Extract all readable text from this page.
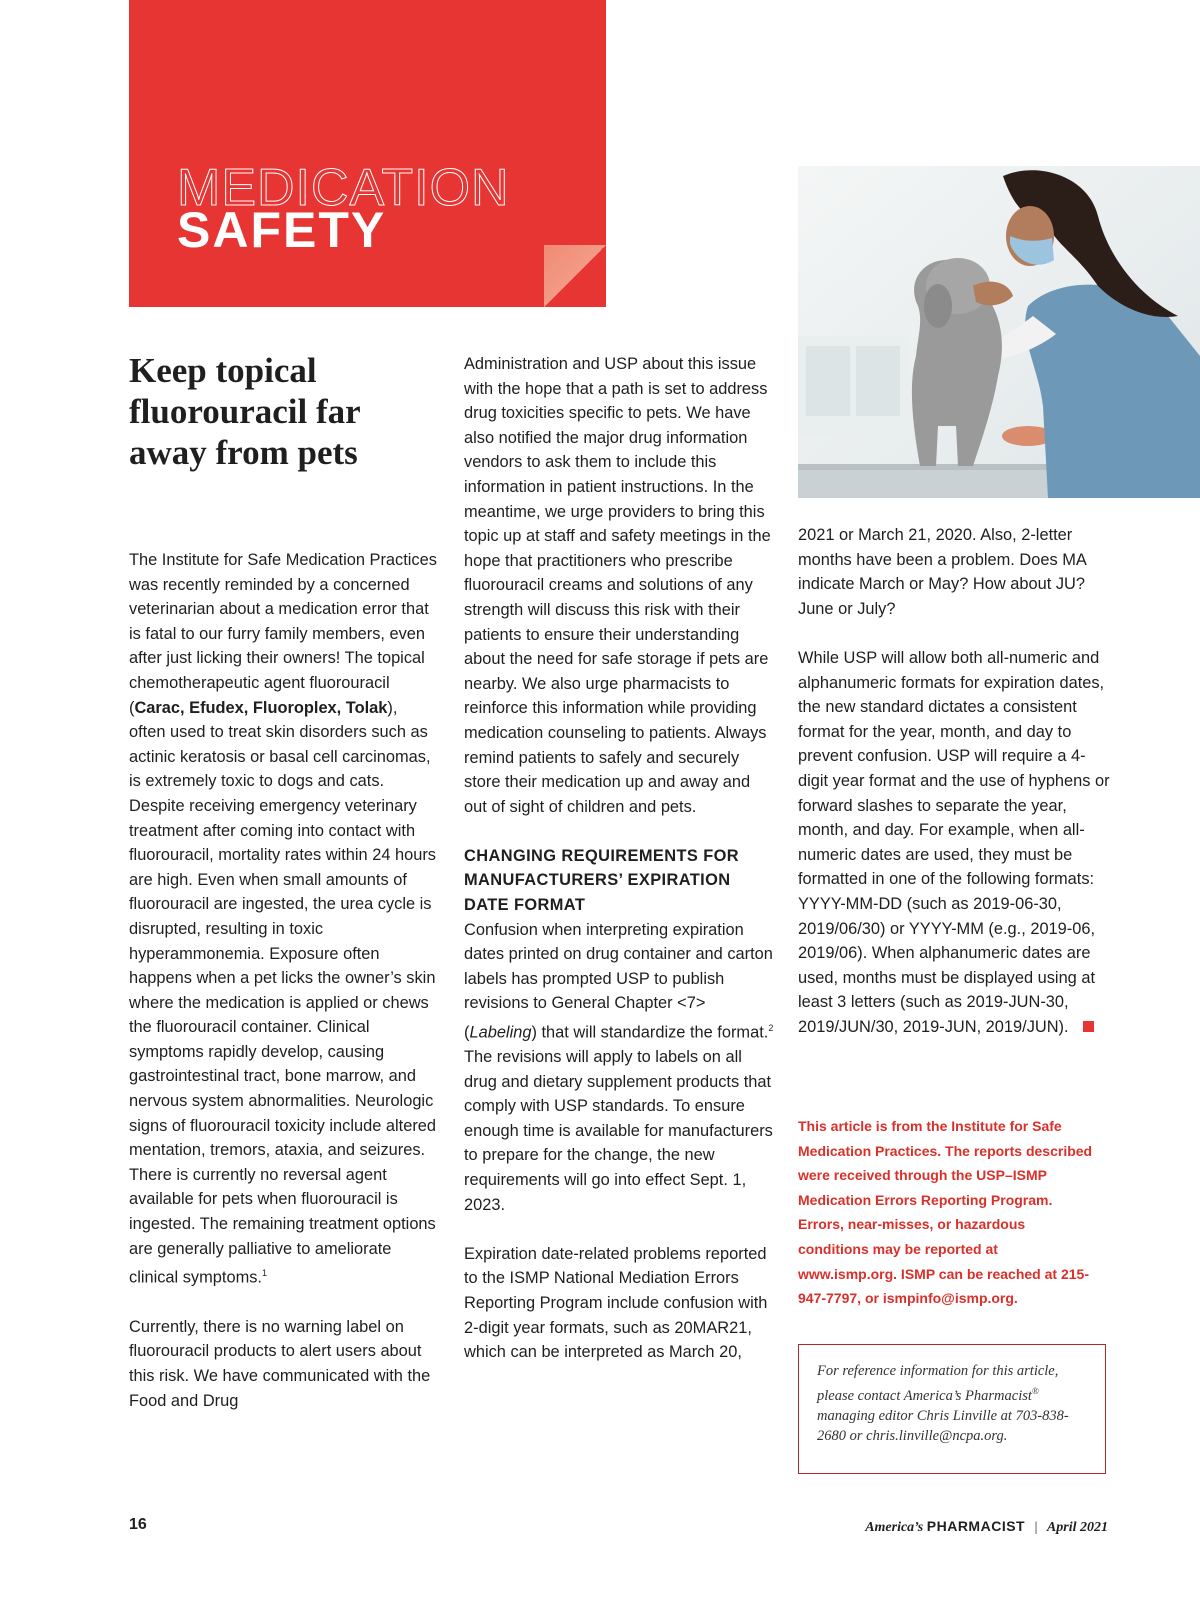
MEDICATION
SAFETY
Keep topical fluorouracil far away from pets

The Institute for Safe Medication Practices was recently reminded by a concerned veterinarian about a medication error that is fatal to our furry family members, even after just licking their owners! The topical chemotherapeutic agent fluorouracil (Carac, Efudex, Fluoroplex, Tolak), often used to treat skin disorders such as actinic keratosis or basal cell carcinomas, is extremely toxic to dogs and cats. Despite receiving emergency veterinary treatment after coming into contact with fluorouracil, mortality rates within 24 hours are high. Even when small amounts of fluorouracil are ingested, the urea cycle is disrupted, resulting in toxic hyperammonemia. Exposure often happens when a pet licks the owner’s skin where the medication is applied or chews the fluorouracil container. Clinical symptoms rapidly develop, causing gastrointestinal tract, bone marrow, and nervous system abnormalities. Neurologic signs of fluorouracil toxicity include altered mentation, tremors, ataxia, and seizures. There is currently no reversal agent available for pets when fluorouracil is ingested. The remaining treatment options are generally palliative to ameliorate clinical symptoms.$^1$

Currently, there is no warning label on fluorouracil products to alert users about this risk. We have communicated with the Food and Drug

Administration and USP about this issue with the hope that a path is set to address drug toxicities specific to pets. We have also notified the major drug information vendors to ask them to include this information in patient instructions. In the meantime, we urge providers to bring this topic up at staff and safety meetings in the hope that practitioners who prescribe fluorouracil creams and solutions of any strength will discuss this risk with their patients to ensure their understanding about the need for safe storage if pets are nearby. We also urge pharmacists to reinforce this information while providing medication counseling to patients. Always remind patients to safely and securely store their medication up and away and out of sight of children and pets.

CHANGING REQUIREMENTS FOR MANUFACTURERS’ EXPIRATION DATE FORMAT

Confusion when interpreting expiration dates printed on drug container and carton labels has prompted USP to publish revisions to General Chapter <7> (Labeling) that will standardize the format.$^2$ The revisions will apply to labels on all drug and dietary supplement products that comply with USP standards. To ensure enough time is available for manufacturers to prepare for the change, the new requirements will go into effect Sept. 1, 2023.

Expiration date-related problems reported to the ISMP National Mediation Errors Reporting Program include confusion with 2-digit year formats, such as 20MAR21, which can be interpreted as March 20,

2021 or March 21, 2020. Also, 2-letter months have been a problem. Does MA indicate March or May? How about JU? June or July?

While USP will allow both all-numeric and alphanumeric formats for expiration dates, the new standard dictates a consistent format for the year, month, and day to prevent confusion. USP will require a 4-digit year format and the use of hyphens or forward slashes to separate the year, month, and day. For example, when all-numeric dates are used, they must be formatted in one of the following formats: YYYY-MM-DD (such as 2019-06-30, 2019/06/30) or YYYY-MM (e.g., 2019-06, 2019/06). When alphanumeric dates are used, months must be displayed using at least 3 letters (such as 2019-JUN-30, 2019/JUN/30, 2019-JUN, 2019/JUN).

This article is from the Institute for Safe Medication Practices. The reports described were received through the USP–ISMP Medication Errors Reporting Program. Errors, near-misses, or hazardous conditions may be reported at www.ismp.org. ISMP can be reached at 215-947-7797, or ismpinfo@ismp.org.

For reference information for this article, please contact America’s Pharmacist® managing editor Chris Linville at 703-838-2680 or chris.linville@ncpa.org.

16	America’s PHARMACIST | April 2021
